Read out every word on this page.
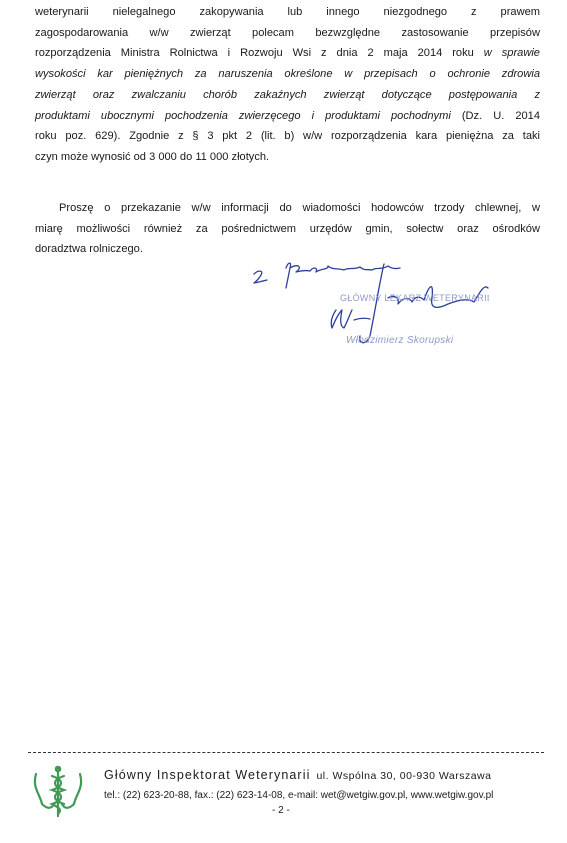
weterynarii nielegalnego zakopywania lub innego niezgodnego z prawem
zagospodarowania w/w zwierząt polecam bezwzględne zastosowanie przepisów
rozporządzenia Ministra Rolnictwa i Rozwoju Wsi z dnia 2 maja 2014 roku w sprawie
wysokości kar pieniężnych za naruszenia określone w przepisach o ochronie zdrowia
zwierząt oraz zwalczaniu chorób zakaźnych zwierząt dotyczące postępowania z
produktami ubocznymi pochodzenia zwierzęcego i produktami pochodnymi (Dz. U. 2014
roku poz. 629). Zgodnie z § 3 pkt 2 (lit. b) w/w rozporządzenia kara pieniężna za taki
czyn może wynosić od 3 000 do 11 000 złotych.
Proszę o przekazanie w/w informacji do wiadomości hodowców trzody chlewnej, w
miarę możliwości również za pośrednictwem urzędów gmin, sołectw oraz ośrodków
doradztwa rolniczego.
GŁÓWNY LEKARZ WETERYNARII
Włodzimierz Skorupski
Główny Inspektorat Weterynarii ul. Wspólna 30, 00-930 Warszawa
tel.: (22) 623-20-88, fax.: (22) 623-14-08, e-mail: wet@wetgiw.gov.pl, www.wetgiw.gov.pl
- 2 -
